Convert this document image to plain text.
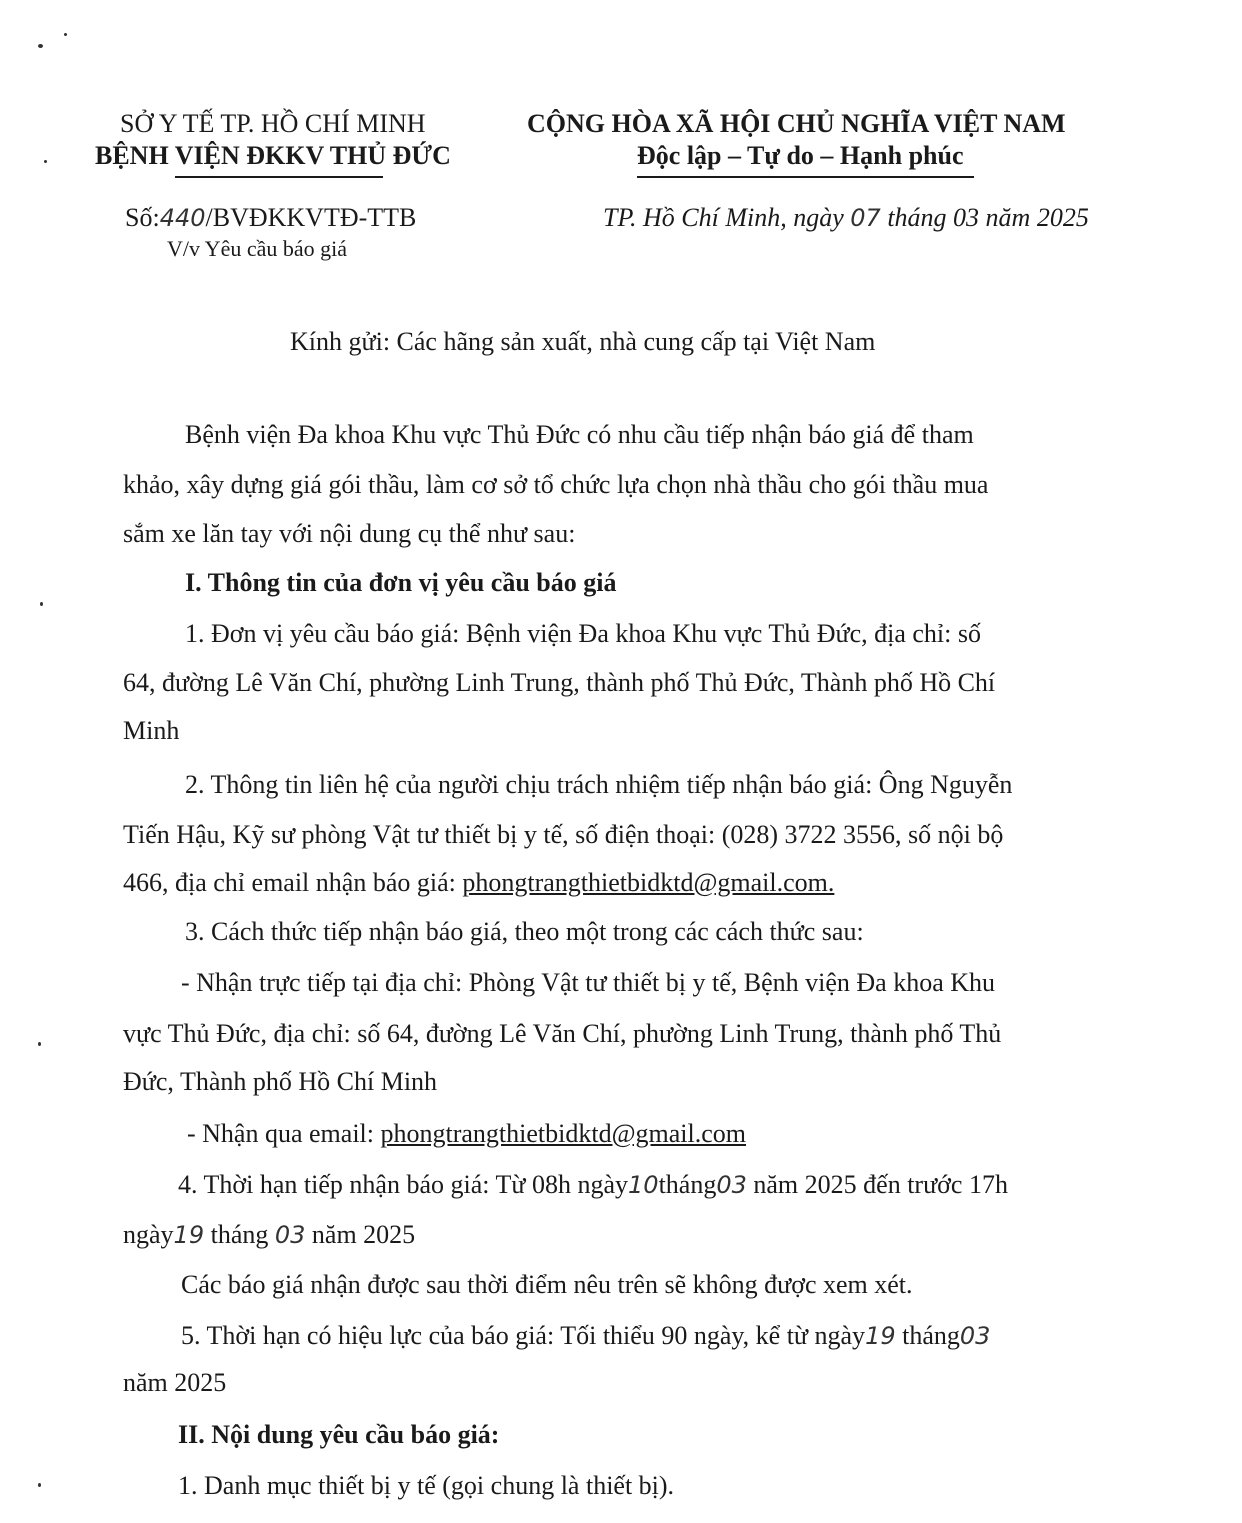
SỞ Y TẾ TP. HỒ CHÍ MINH
BỆNH VIỆN ĐKKV THỦ ĐỨC
Số:440/BVĐKKVTĐ-TTB
V/v Yêu cầu báo giá
CỘNG HÒA XÃ HỘI CHỦ NGHĨA VIỆT NAM
Độc lập – Tự do – Hạnh phúc
TP. Hồ Chí Minh, ngày 07 tháng 03 năm 2025
Kính gửi: Các hãng sản xuất, nhà cung cấp tại Việt Nam
Bệnh viện Đa khoa Khu vực Thủ Đức có nhu cầu tiếp nhận báo giá để tham
khảo, xây dựng giá gói thầu, làm cơ sở tổ chức lựa chọn nhà thầu cho gói thầu mua
sắm xe lăn tay với nội dung cụ thể như sau:
I. Thông tin của đơn vị yêu cầu báo giá
1. Đơn vị yêu cầu báo giá: Bệnh viện Đa khoa Khu vực Thủ Đức, địa chỉ: số
64, đường Lê Văn Chí, phường Linh Trung, thành phố Thủ Đức, Thành phố Hồ Chí
Minh
2. Thông tin liên hệ của người chịu trách nhiệm tiếp nhận báo giá: Ông Nguyễn
Tiến Hậu, Kỹ sư phòng Vật tư thiết bị y tế, số điện thoại: (028) 3722 3556, số nội bộ
466, địa chỉ email nhận báo giá: phongtrangthietbidktd@gmail.com.
3. Cách thức tiếp nhận báo giá, theo một trong các cách thức sau:
- Nhận trực tiếp tại địa chỉ: Phòng Vật tư thiết bị y tế, Bệnh viện Đa khoa Khu
vực Thủ Đức, địa chỉ: số 64, đường Lê Văn Chí, phường Linh Trung, thành phố Thủ
Đức, Thành phố Hồ Chí Minh
- Nhận qua email: phongtrangthietbidktd@gmail.com
4. Thời hạn tiếp nhận báo giá: Từ 08h ngày10tháng03 năm 2025 đến trước 17h
ngày19 tháng 03 năm 2025
Các báo giá nhận được sau thời điểm nêu trên sẽ không được xem xét.
5. Thời hạn có hiệu lực của báo giá: Tối thiểu 90 ngày, kể từ ngày19 tháng03
năm 2025
II. Nội dung yêu cầu báo giá:
1. Danh mục thiết bị y tế (gọi chung là thiết bị).
